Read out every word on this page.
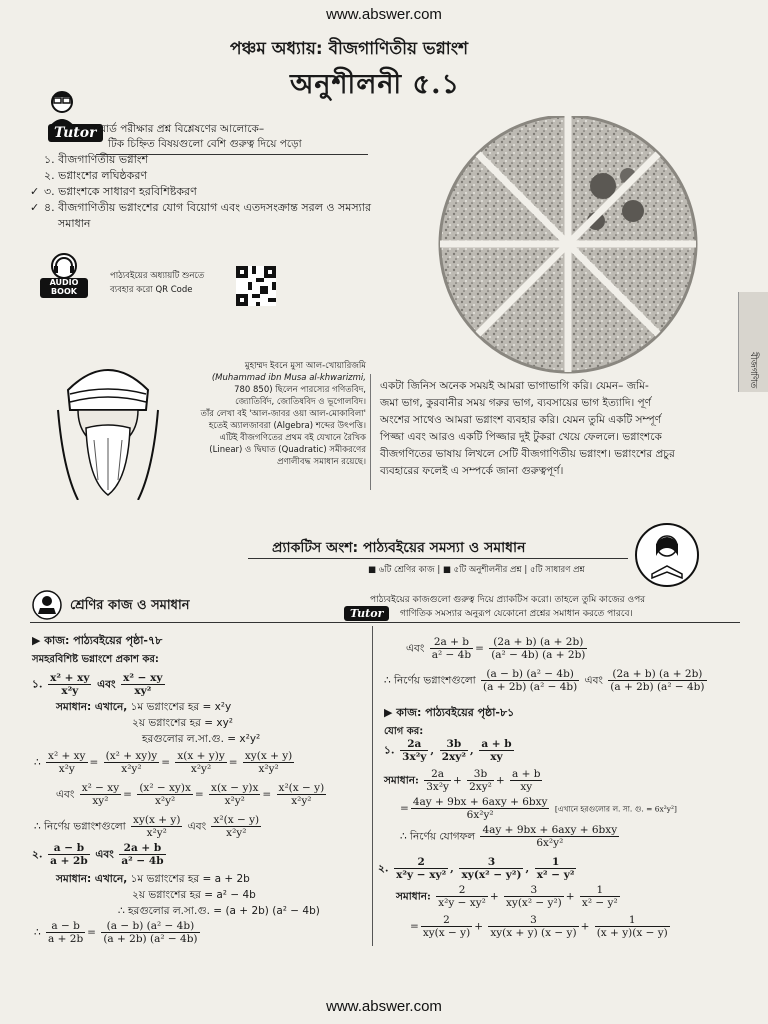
www.abswer.com
পঞ্চম অধ্যায়: বীজগাণিতীয় ভগ্নাংশ
অনুশীলনী ৫.১
Tutor বোর্ড পরীক্ষার প্রশ্ন বিশ্লেষণের আলোকে–
টিক চিহ্নিত বিষয়গুলো বেশি গুরুত্ব দিয়ে পড়ো
১. বীজগাণিতীয় ভগ্নাংশ
২. ভগ্নাংশের লঘিষ্ঠকরণ
✓ ৩. ভগ্নাংশকে সাধারণ হরবিশিষ্টকরণ
✓ ৪. বীজগাণিতীয় ভগ্নাংশের যোগ বিয়োগ এবং এতদসংক্রান্ত সরল ও সমস্যার
সমাধান
AUDIO BOOK
পাঠ্যবইয়ের অধ্যায়টি শুনতে
ব্যবহার করো QR Code
বীজগণিত
মুহাম্মদ ইবনে মুসা আল-খোয়ারিজমি
(Muhammad ibn Musa al-khwarizmi,
780 850) ছিলেন পারস্যের গণিতবিদ,
জ্যোতির্বিদ, জোতিষবিদ ও ভূগোলবিদ।
তাঁর লেখা বই 'আল-জাবর ওয়া আল-মোকাবিলা'
হতেই অ্যালজাবরা (Algebra) শব্দের উৎপত্তি।
এটিই বীজগণিতের প্রথম বই যেখানে রৈখিক
(Linear) ও দ্বিঘাত (Quadratic) সমীকরণের
প্রণালীবদ্ধ সমাধান রয়েছে।
একটা জিনিস অনেক সময়ই আমরা ভাগাভাগি করি। যেমন– জমি-
জমা ভাগ, কুরবানীর সময় গরুর ভাগ, ব্যবসায়ের ভাগ ইত্যাদি। পূর্ণ
অংশের সাথেও আমরা ভগ্নাংশ ব্যবহার করি। যেমন তুমি একটি সম্পূর্ণ
পিজ্জা এবং আরও একটি পিজ্জার দুই টুকরা খেয়ে ফেললে। ভগ্নাংশকে
বীজগণিতের ভাষায় লিখলে সেটি বীজগাণিতীয় ভগ্নাংশ। ভগ্নাংশের প্রচুর
ব্যবহারের ফলেই এ সম্পর্কে জানা গুরুত্বপূর্ণ।
প্র্যাকটিস অংশ: পাঠ্যবইয়ের সমস্যা ও সমাধান
■ ৬টি শ্রেণির কাজ | ■ ৫টি অনুশীলনীর প্রশ্ন | ৫টি সাধারণ প্রশ্ন
শ্রেণির কাজ ও সমাধান
Tutor
পাঠ্যবইয়ের কাজগুলো গুরুত্ব দিয়ে প্র্যাকটিস করো। তাহলে তুমি কাজের ওপর
গাণিতিক সমস্যার অনুরূপ যেকোনো প্রশ্নের সমাধান করতে পারবে।
▶ কাজ: পাঠ্যবইয়ের পৃষ্ঠা-৭৮
সমহরবিশিষ্ট ভগ্নাংশে প্রকাশ কর:
১. $\frac{\text{x² + xy}}{\text{x²y}}$ এবং $\frac{\text{x² − xy}}{\text{xy²}}$
সমাধান: এখানে, ১ম ভগ্নাংশের হর = x²y
২য় ভগ্নাংশের হর = xy²
হরগুলোর ল.সা.গু. = x²y²
∴ $\frac{\text{x² + xy}}{\text{x²y}} = \frac{\text{(x² + xy)y}}{\text{x²y²}} = \frac{x(x + y)y}{\text{x²y²}} = \frac{xy(x + y)}{\text{x²y²}}$
এবং $\frac{\text{x² − xy}}{\text{xy²}} = \frac{\text{(x² − xy)x}}{\text{x²y²}} = \frac{x(x - y)x}{\text{x²y²}} = \frac{\text{x²(x − y)}}{\text{x²y²}}$
∴ নির্ণেয় ভগ্নাংশগুলো $\frac{xy(x + y)}{\text{x²y²}}$ এবং $\frac{\text{x²(x − y)}}{\text{x²y²}}$
২. $\frac{a - b}{a + 2b}$ এবং $\frac{2a + b}{\text{a² − 4b}}$
সমাধান: এখানে, ১ম ভগ্নাংশের হর = a + 2b
২য় ভগ্নাংশের হর = a² − 4b
∴ হরগুলোর ল.সা.গু. = (a + 2b) (a² − 4b)
∴ $\frac{a - b}{a + 2b} = \frac{\text{(a − b) (a² − 4b)}}{\text{(a + 2b) (a² − 4b)}}$
এবং $\frac{2a + b}{\text{a² − 4b}} = \frac{(2a + b) (a + 2b)}{\text{(a² − 4b) (a + 2b)}}$
∴ নির্ণেয় ভগ্নাংশগুলো $\frac{\text{(a − b) (a² − 4b)}}{\text{(a + 2b) (a² − 4b)}}$ এবং $\frac{(2a + b) (a + 2b)}{\text{(a + 2b) (a² − 4b)}}$
▶ কাজ: পাঠ্যবইয়ের পৃষ্ঠা-৮১
যোগ কর:
১. $\frac{2a}{\text{3x²y}}$ , $\frac{3b}{\text{2xy²}}$ , $\frac{a + b}{xy}$
সমাধান: $\frac{2a}{\text{3x²y}} + \frac{3b}{\text{2xy²}} + \frac{a + b}{xy}$
= $\frac{\text{4ay + 9bx + 6axy + 6bxy}}{\text{6x²y²}}$ [এখানে হরগুলোর ল. সা. গু. = 6x²y²]
∴ নির্ণেয় যোগফল $\frac{\text{4ay + 9bx + 6axy + 6bxy}}{\text{6x²y²}}$
২. $\frac{2}{\text{x²y − xy²}}$ , $\frac{3}{\text{xy(x² − y²)}}$ , $\frac{1}{\text{x² − y²}}$
সমাধান: $\frac{2}{\text{x²y − xy²}} + \frac{3}{\text{xy(x² − y²)}} + \frac{1}{\text{x² − y²}}$
= $\frac{2}{xy(x - y)} + \frac{3}{xy(x + y) (x - y)} + \frac{1}{(x + y)(x - y)}$
www.abswer.com
